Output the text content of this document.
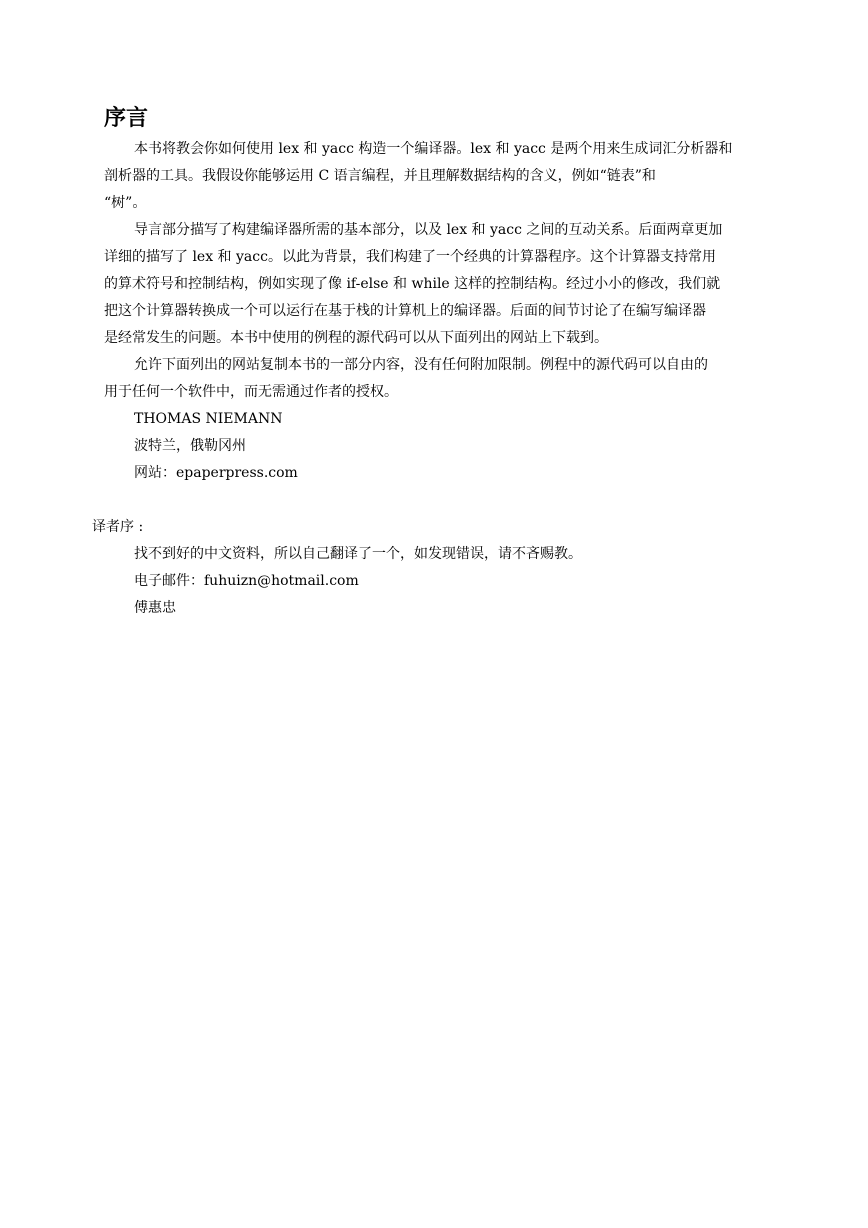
序言
本书将教会你如何使用 lex 和 yacc 构造一个编译器。lex 和 yacc 是两个用来生成词汇分析器和
剖析器的工具。我假设你能够运用 C 语言编程，并且理解数据结构的含义，例如“链表”和
“树”。
导言部分描写了构建编译器所需的基本部分，以及 lex 和 yacc 之间的互动关系。后面两章更加
详细的描写了 lex 和 yacc。以此为背景，我们构建了一个经典的计算器程序。这个计算器支持常用
的算术符号和控制结构，例如实现了像 if-else 和 while 这样的控制结构。经过小小的修改，我们就
把这个计算器转换成一个可以运行在基于栈的计算机上的编译器。后面的间节讨论了在编写编译器
是经常发生的问题。本书中使用的例程的源代码可以从下面列出的网站上下载到。
允许下面列出的网站复制本书的一部分内容，没有任何附加限制。例程中的源代码可以自由的
用于任何一个软件中，而无需通过作者的授权。
THOMAS NIEMANN
波特兰，俄勒冈州
网站：epaperpress.com
译者序 :
找不到好的中文资料，所以自己翻译了一个，如发现错误，请不吝赐教。
电子邮件：fuhuizn@hotmail.com
傅惠忠
